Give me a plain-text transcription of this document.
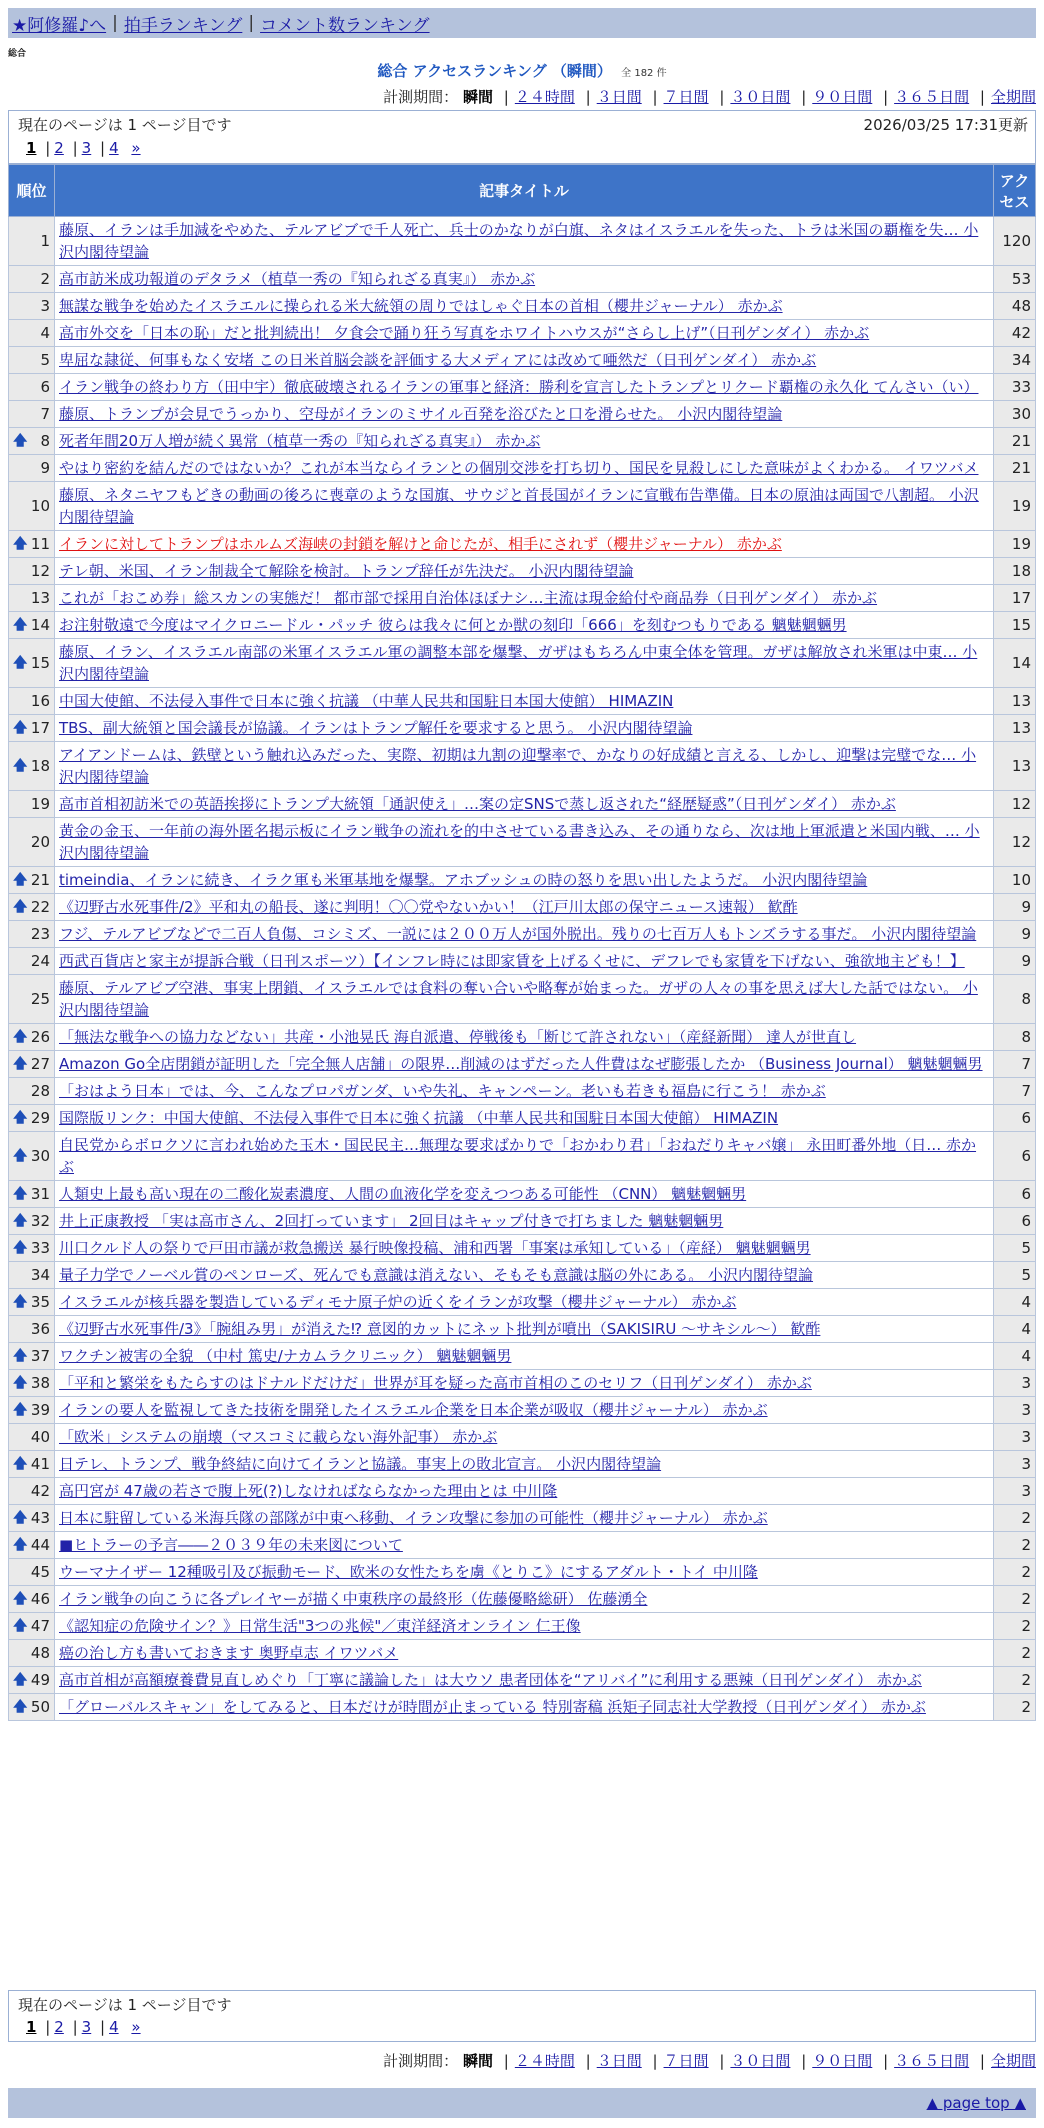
★阿修羅♪へ | 拍手ランキング | コメント数ランキング
総合
総合 アクセスランキング （瞬間） 全 182 件
計測期間： 瞬間 | ２４時間 | ３日間 | ７日間 | ３０日間 | ９０日間 | ３６５日間 | 全期間
現在のページは 1 ページ目です	2026/03/25 17:31更新
1 | 2 | 3 | 4 »
順位	記事タイトル	アクセス
1	藤原、イランは手加減をやめた、テルアビブで千人死亡、兵士のかなりが白旗、ネタはイスラエルを失った、トラは米国の覇権を失… 小沢内閣待望論	120
2	高市訪米成功報道のデタラメ（植草一秀の『知られざる真実』） 赤かぶ	53
3	無謀な戦争を始めたイスラエルに操られる米大統領の周りではしゃぐ日本の首相（櫻井ジャーナル） 赤かぶ	48
4	高市外交を「日本の恥」だと批判続出！ 夕食会で踊り狂う写真をホワイトハウスが“さらし上げ”（日刊ゲンダイ） 赤かぶ	42
5	卑屈な隷従、何事もなく安堵 この日米首脳会談を評価する大メディアには改めて唖然だ（日刊ゲンダイ） 赤かぶ	34
6	イラン戦争の終わり方（田中宇）徹底破壊されるイランの軍事と経済：勝利を宣言したトランプとリクード覇権の永久化 てんさい（い）	33
7	藤原、トランプが会見でうっかり、空母がイランのミサイル百発を浴びたと口を滑らせた。 小沢内閣待望論	30

🡅 8	死者年間20万人増が続く異常（植草一秀の『知られざる真実』） 赤かぶ	21
9	やはり密約を結んだのではないか？これが本当ならイランとの個別交渉を打ち切り、国民を見殺しにした意味がよくわかる。 イワツバメ	21
10	藤原、ネタニヤフもどきの動画の後ろに喪章のような国旗、サウジと首長国がイランに宣戦布告準備。日本の原油は両国で八割超。 小沢内閣待望論	19

🡅 11	イランに対してトランプはホルムズ海峡の封鎖を解けと命じたが、相手にされず（櫻井ジャーナル） 赤かぶ	19
12	テレ朝、米国、イラン制裁全て解除を検討。トランプ辞任が先決だ。 小沢内閣待望論	18
13	これが「おこめ券」総スカンの実態だ！ 都市部で採用自治体ほぼナシ…主流は現金給付や商品券（日刊ゲンダイ） 赤かぶ	17

🡅 14	お注射敬遠で今度はマイクロニードル・パッチ 彼らは我々に何とか獣の刻印「666」を刻むつもりである 魑魅魍魎男	15

🡅 15	藤原、イラン、イスラエル南部の米軍イスラエル軍の調整本部を爆撃、ガザはもちろん中東全体を管理。ガザは解放され米軍は中東… 小沢内閣待望論	14
16	中国大使館、不法侵入事件で日本に強く抗議 （中華人民共和国駐日本国大使館） HIMAZIN	13

🡅 17	TBS、副大統領と国会議長が協議。イランはトランプ解任を要求すると思う。 小沢内閣待望論	13

🡅 18	アイアンドームは、鉄壁という触れ込みだった、実際、初期は九割の迎撃率で、かなりの好成績と言える、しかし、迎撃は完璧でな… 小沢内閣待望論	13
19	高市首相初訪米での英語挨拶にトランプ大統領「通訳使え」…案の定SNSで蒸し返された“経歴疑惑”（日刊ゲンダイ） 赤かぶ	12
20	黄金の金玉、一年前の海外匿名掲示板にイラン戦争の流れを的中させている書き込み、その通りなら、次は地上軍派遣と米国内戦、… 小沢内閣待望論	12

🡅 21	timeindia、イランに続き、イラク軍も米軍基地を爆撃。アホブッシュの時の怒りを思い出したようだ。 小沢内閣待望論	10

🡅 22	《辺野古水死事件/2》平和丸の船長、遂に判明！〇〇党やないかい！（江戸川太郎の保守ニュース速報） 歓酢	9
23	フジ、テルアビブなどで二百人負傷、コシミズ、一説には２００万人が国外脱出。残りの七百万人もトンズラする事だ。 小沢内閣待望論	9
24	西武百貨店と家主が提訴合戦（日刊スポーツ）【インフレ時には即家賃を上げるくせに、デフレでも家賃を下げない、強欲地主ども！】	9
25	藤原、テルアビブ空港、事実上閉鎖、イスラエルでは食料の奪い合いや略奪が始まった。ガザの人々の事を思えば大した話ではない。 小沢内閣待望論	8

🡅 26	「無法な戦争への協力などない」共産・小池晃氏 海自派遣、停戦後も「断じて許されない」（産経新聞） 達人が世直し	8

🡅 27	Amazon Go全店閉鎖が証明した「完全無人店舗」の限界…削減のはずだった人件費はなぜ膨張したか （Business Journal） 魑魅魍魎男	7
28	「おはよう日本」では、今、こんなプロパガンダ、いや失礼、キャンペーン。老いも若きも福島に行こう！ 赤かぶ	7

🡅 29	国際版リンク：中国大使館、不法侵入事件で日本に強く抗議 （中華人民共和国駐日本国大使館） HIMAZIN	6

🡅 30	自民党からボロクソに言われ始めた玉木・国民民主…無理な要求ばかりで「おかわり君」「おねだりキャバ嬢」 永田町番外地（日… 赤かぶ	6

🡅 31	人類史上最も高い現在の二酸化炭素濃度、人間の血液化学を変えつつある可能性 （CNN） 魑魅魍魎男	6

🡅 32	井上正康教授 「実は高市さん、2回打っています」 2回目はキャップ付きで打ちました 魑魅魍魎男	6

🡅 33	川口クルド人の祭りで戸田市議が救急搬送 暴行映像投稿、浦和西署「事案は承知している」（産経） 魑魅魍魎男	5
34	量子力学でノーベル賞のペンローズ、死んでも意識は消えない、そもそも意識は脳の外にある。 小沢内閣待望論	5

🡅 35	イスラエルが核兵器を製造しているディモナ原子炉の近くをイランが攻撃（櫻井ジャーナル） 赤かぶ	4
36	《辺野古水死事件/3》「腕組み男」が消えた⁉ 意図的カットにネット批判が噴出（SAKISIRU 〜サキシル〜） 歓酢	4

🡅 37	ワクチン被害の全貌 （中村 篤史/ナカムラクリニック） 魑魅魍魎男	4

🡅 38	「平和と繁栄をもたらすのはドナルドだけだ」世界が耳を疑った高市首相のこのセリフ（日刊ゲンダイ） 赤かぶ	3

🡅 39	イランの要人を監視してきた技術を開発したイスラエル企業を日本企業が吸収（櫻井ジャーナル） 赤かぶ	3
40	「欧米」システムの崩壊（マスコミに載らない海外記事） 赤かぶ	3

🡅 41	日テレ、トランプ、戦争終結に向けてイランと協議。事実上の敗北宣言。 小沢内閣待望論	3
42	高円宮が 47歳の若さで腹上死(?)しなければならなかった理由とは 中川隆	3

🡅 43	日本に駐留している米海兵隊の部隊が中東へ移動、イラン攻撃に参加の可能性（櫻井ジャーナル） 赤かぶ	2

🡅 44	■ヒトラーの予言――２０３９年の未来図について	2
45	ウーマナイザー 12種吸引及び振動モード、欧米の女性たちを虜《とりこ》にするアダルト・トイ 中川隆	2

🡅 46	イラン戦争の向こうに各プレイヤーが描く中東秩序の最終形（佐藤優略総研） 佐藤湧全	2

🡅 47	《認知症の危険サイン？》日常生活"3つの兆候"／東洋経済オンライン 仁王像	2
48	癌の治し方も書いておきます 奥野卓志 イワツバメ	2

🡅 49	高市首相が高額療養費見直しめぐり「丁寧に議論した」は大ウソ 患者団体を“アリバイ”に利用する悪辣（日刊ゲンダイ） 赤かぶ	2

🡅 50	「グローバルスキャン」をしてみると、日本だけが時間が止まっている 特別寄稿 浜矩子同志社大学教授（日刊ゲンダイ） 赤かぶ	2
現在のページは 1 ページ目です
1 | 2 | 3 | 4 »
計測期間： 瞬間 | ２４時間 | ３日間 | ７日間 | ３０日間 | ９０日間 | ３６５日間 | 全期間
▲ page top ▲
